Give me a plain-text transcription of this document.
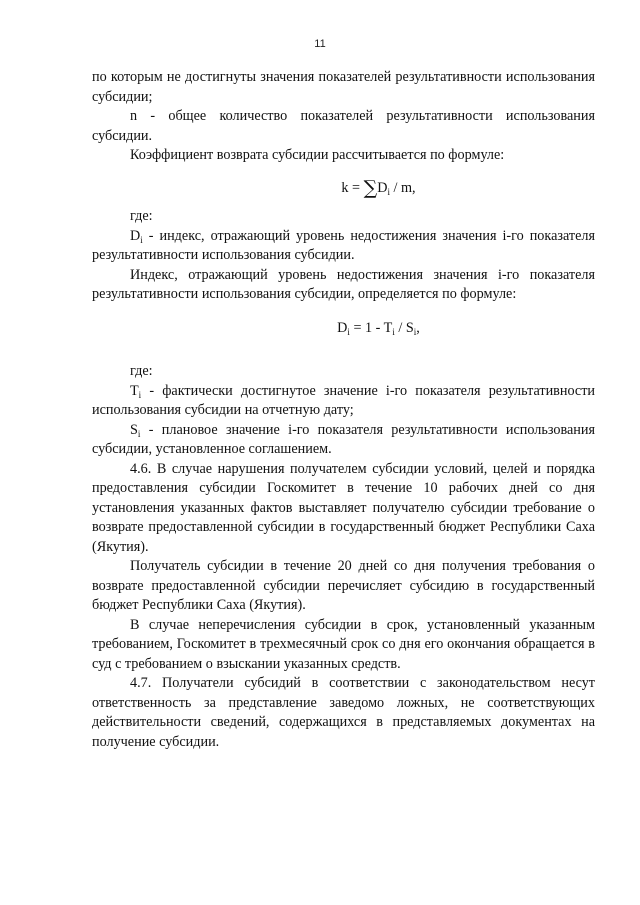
11

по которым не достигнуты значения показателей результативности использования субсидии;

n - общее количество показателей результативности использования субсидии.

Коэффициент возврата субсидии рассчитывается по формуле:

$k = \sum D_i / m$,

где:

$D_i$ - индекс, отражающий уровень недостижения значения i-го показателя результативности использования субсидии.

Индекс, отражающий уровень недостижения значения i-го показателя результативности использования субсидии, определяется по формуле:

$D_i = 1 - T_i / S_i$,

где:

$T_i$ - фактически достигнутое значение i-го показателя результативности использования субсидии на отчетную дату;

$S_i$ - плановое значение i-го показателя результативности использования субсидии, установленное соглашением.

4.6. В случае нарушения получателем субсидии условий, целей и порядка предоставления субсидии Госкомитет в течение 10 рабочих дней со дня установления указанных фактов выставляет получателю субсидии требование о возврате предоставленной субсидии в государственный бюджет Республики Саха (Якутия).

Получатель субсидии в течение 20 дней со дня получения требования о возврате предоставленной субсидии перечисляет субсидию в государственный бюджет Республики Саха (Якутия).

В случае неперечисления субсидии в срок, установленный указанным требованием, Госкомитет в трехмесячный срок со дня его окончания обращается в суд с требованием о взыскании указанных средств.

4.7. Получатели субсидий в соответствии с законодательством несут ответственность за представление заведомо ложных, не соответствующих действительности сведений, содержащихся в представляемых документах на получение субсидии.
